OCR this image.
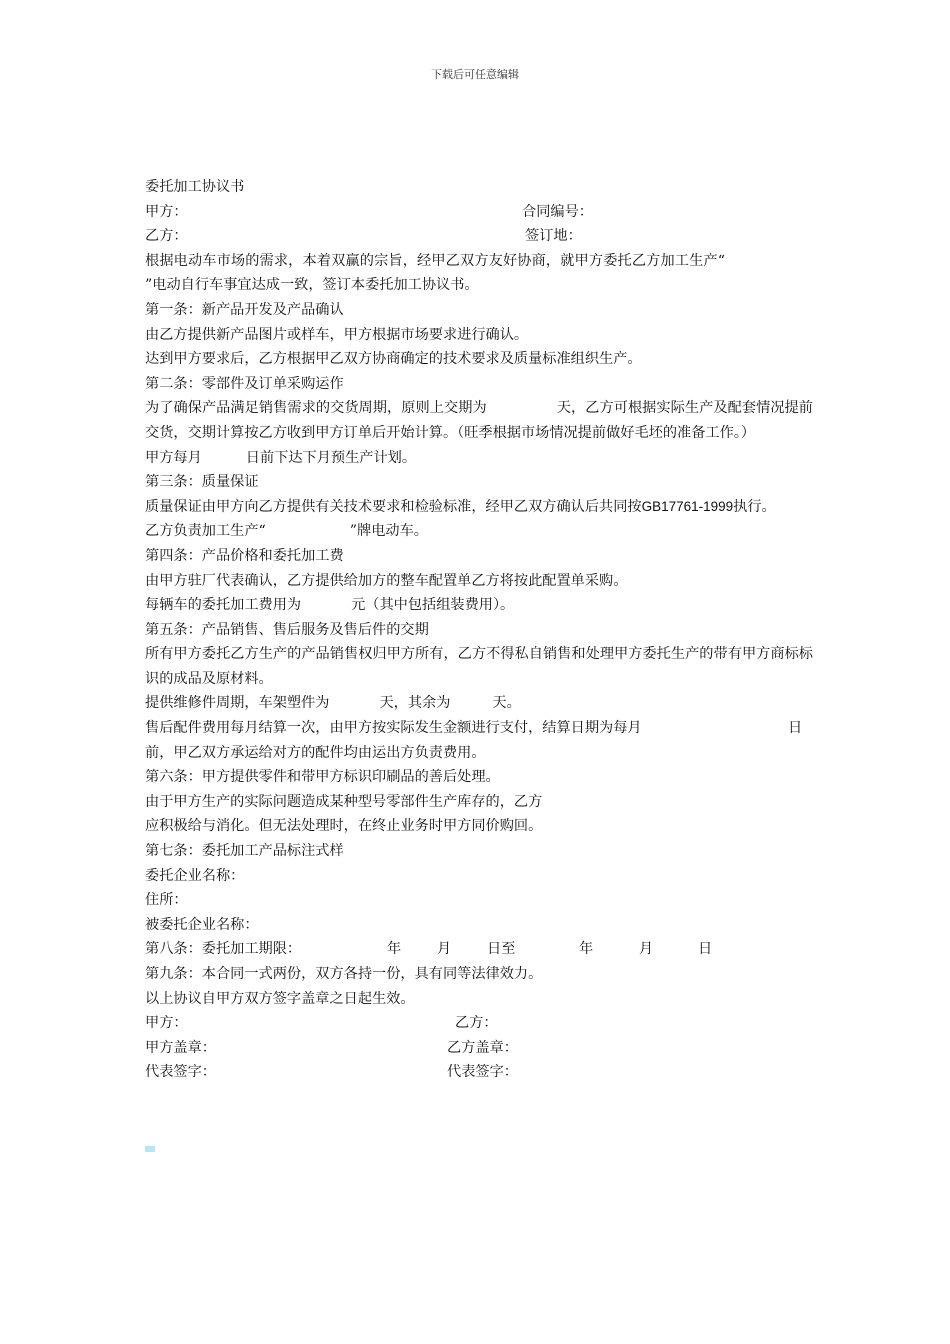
下载后可任意编辑
委托加工协议书

甲方：

	合同编号：

乙方：

	签订地：

根据电动车市场的需求，本着双赢的宗旨，经甲乙双方友好协商，就甲方委托乙方加工生产“”电动自行车事宜达成一致，签订本委托加工协议书。
第一条：新产品开发及产品确认
由乙方提供新产品图片或样车，甲方根据市场要求进行确认。
达到甲方要求后，乙方根据甲乙双方协商确定的技术要求及质量标准组织生产。
第二条：零部件及订单采购运作
为了确保产品满足销售需求的交货周期，原则上交期为	天，乙方可根据实际生产及配套情况提前交货，交期计算按乙方收到甲方订单后开始计算。（旺季根据市场情况提前做好毛坯的准备工作。）
甲方每月	日前下达下月预生产计划。
第三条：质量保证
质量保证由甲方向乙方提供有关技术要求和检验标准，经甲乙双方确认后共同按GB17761-1999执行。
乙方负责加工生产“	”牌电动车。
第四条：产品价格和委托加工费
由甲方驻厂代表确认，乙方提供给加方的整车配置单乙方将按此配置单采购。
每辆车的委托加工费用为	元（其中包括组装费用）。
第五条：产品销售、售后服务及售后件的交期
所有甲方委托乙方生产的产品销售权归甲方所有，乙方不得私自销售和处理甲方委托生产的带有甲方商标标识的成品及原材料。
提供维修件周期，车架塑件为	天，其余为	天。

售后配件费用每月结算一次，由甲方按实际发生金额进行支付，结算日期为每月

	日

前，甲乙双方承运给对方的配件均由运出方负责费用。
第六条：甲方提供零件和带甲方标识印刷品的善后处理。
由于甲方生产的实际问题造成某种型号零部件生产库存的，乙方
应积极给与消化。但无法处理时，在终止业务时甲方同价购回。
第七条：委托加工产品标注式样
委托企业名称：
住所：
被委托企业名称：

第八条：委托加工期限：

	年

	月

	日至

	年

	月

	日

第九条：本合同一式两份，双方各持一份，具有同等法律效力。
以上协议自甲方双方签字盖章之日起生效。

甲方：

	乙方：

甲方盖章：

	乙方盖章：

代表签字：

	代表签字：
